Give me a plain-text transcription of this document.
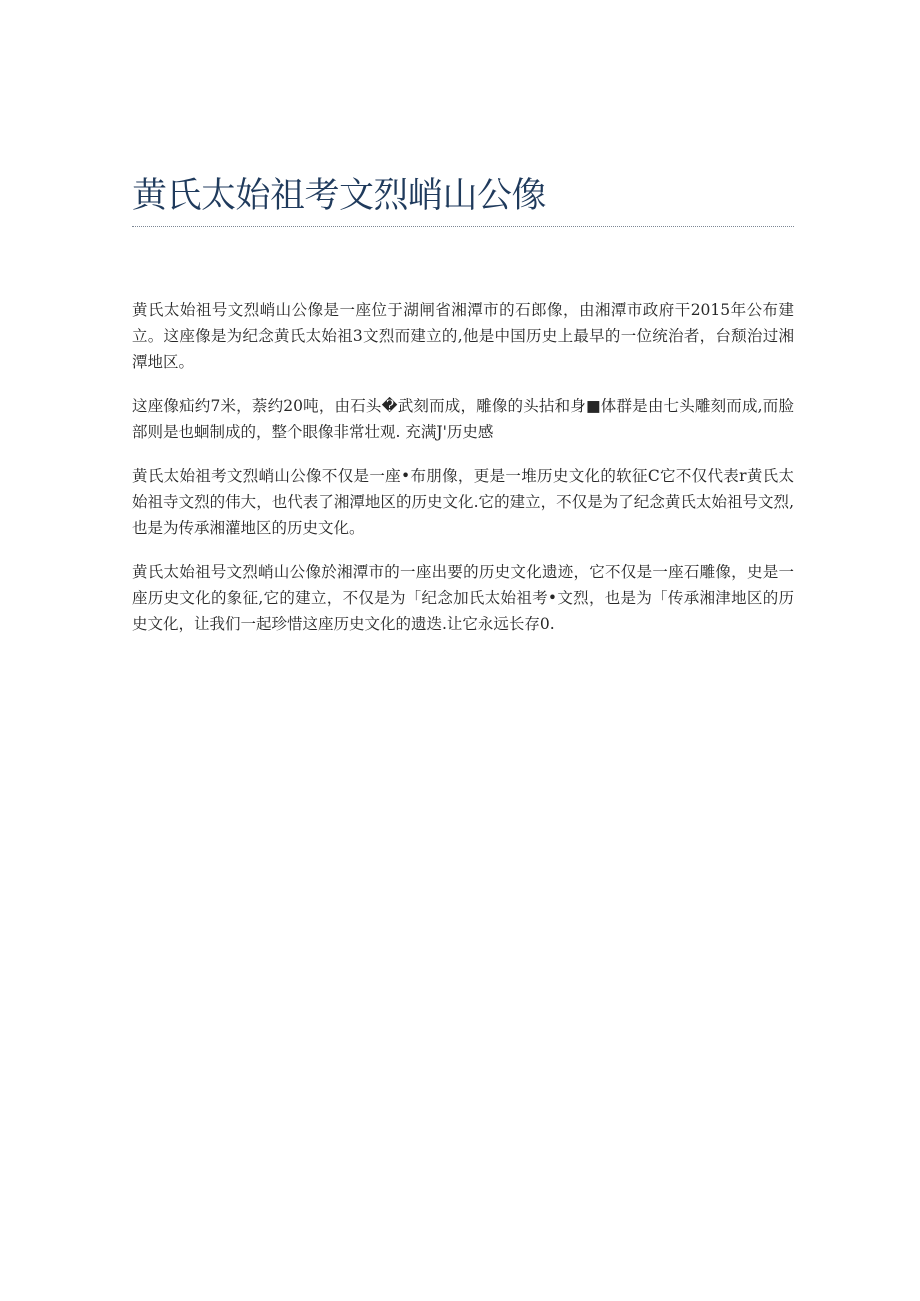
黄氏太始祖考文烈峭山公像

黄氏太始祖号文烈峭山公像是一座位于湖闸省湘潭市的石郎像，由湘潭市政府干2015年公布建立。这座像是为纪念黄氏太始祖3文烈而建立的,他是中国历史上最早的一位统治者，台颓治过湘潭地区。

这座像疝约7米，萘约20吨，由石头�武刻而成，雕像的头拈和身■体群是由七头雕刻而成,而脸部则是也蛔制成的，整个眼像非常壮观. 充满J'历史感

黄氏太始祖考文烈峭山公像不仅是一座•布朋像，更是一堆历史文化的软征C它不仅代表r黄氏太始祖寺文烈的伟大，也代表了湘潭地区的历史文化.它的建立，不仅是为了纪念黄氏太始祖号文烈,也是为传承湘灌地区的历史文化。

黄氏太始祖号文烈峭山公像於湘潭市的一座出要的历史文化遗迹，它不仅是一座石雕像，史是一座历史文化的象征,它的建立，不仅是为「纪念加氏太始祖考•文烈，也是为「传承湘津地区的历史文化，让我们一起珍惜这座历史文化的遗迭.让它永远长存0.
